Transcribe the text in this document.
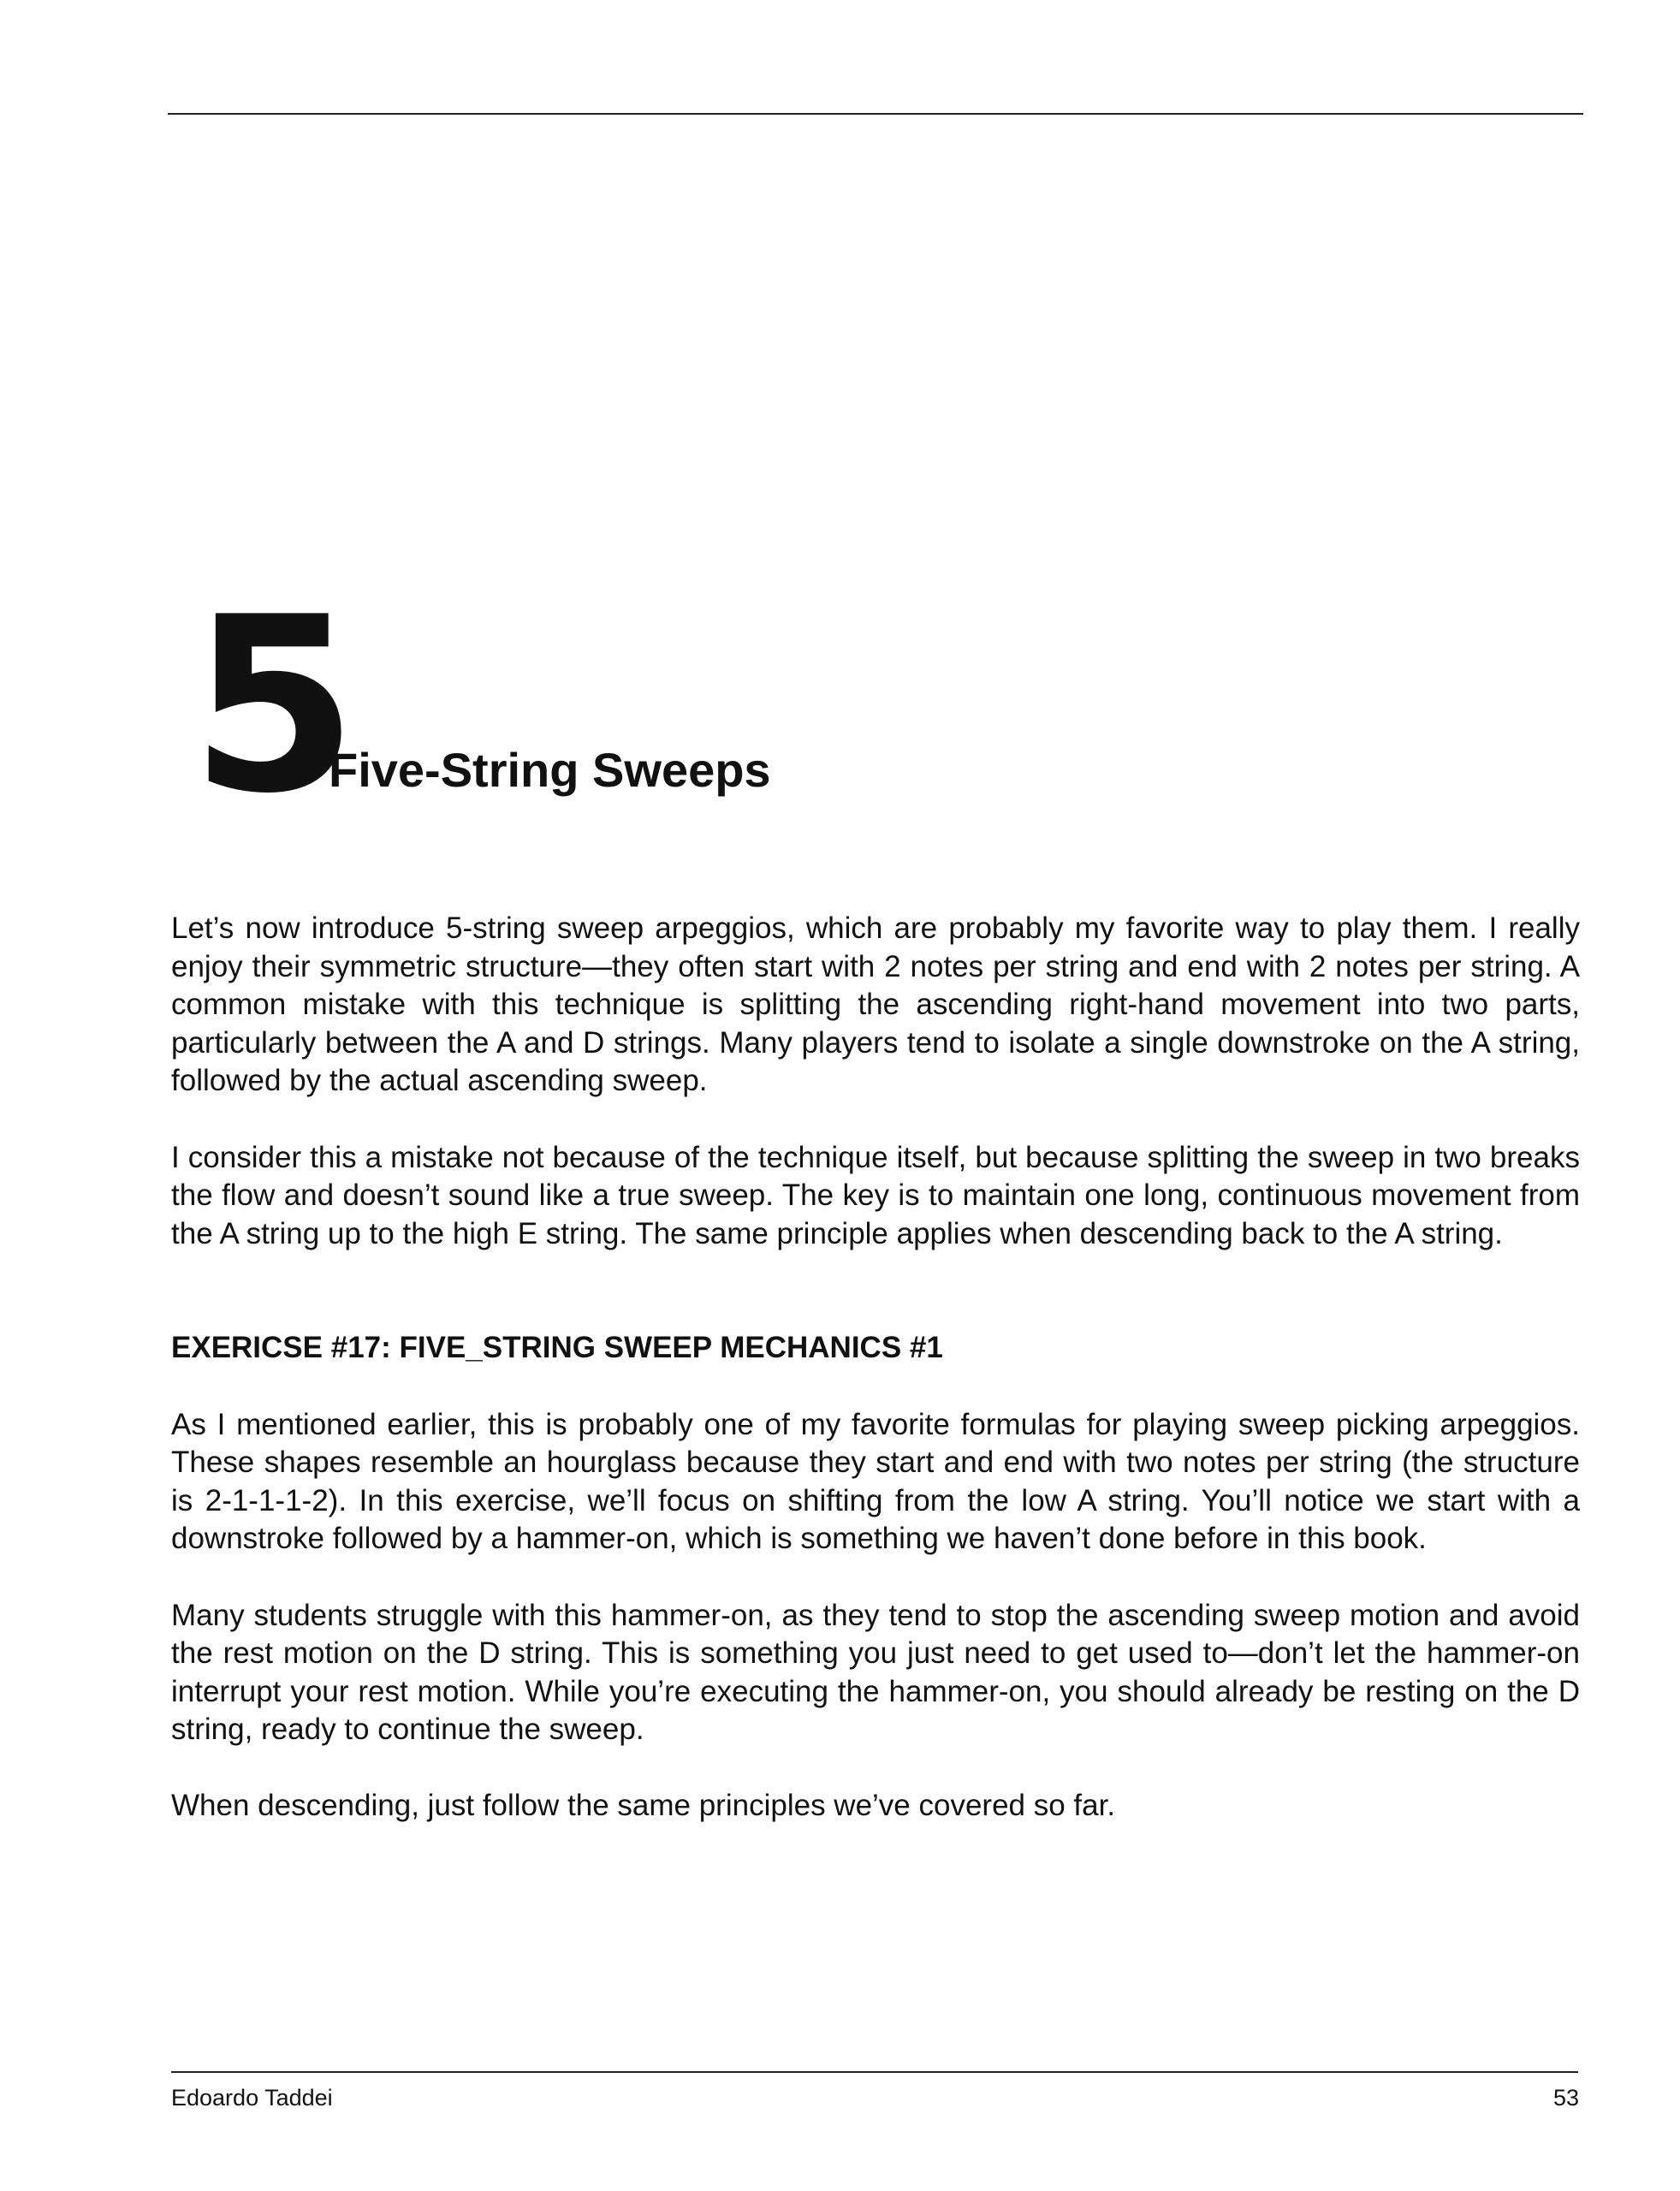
5
Five-String Sweeps

Let’s now introduce 5-string sweep arpeggios, which are probably my favorite way to play them. I really enjoy their symmetric structure—they often start with 2 notes per string and end with 2 notes per string. A common mistake with this technique is splitting the ascending right-hand movement into two parts, particularly between the A and D strings. Many players tend to isolate a single downstroke on the A string, followed by the actual ascending sweep.

I consider this a mistake not because of the technique itself, but because splitting the sweep in two breaks the flow and doesn’t sound like a true sweep. The key is to maintain one long, continuous movement from the A string up to the high E string. The same principle applies when descending back to the A string.

EXERICSE #17: FIVE_STRING SWEEP MECHANICS #1

As I mentioned earlier, this is probably one of my favorite formulas for playing sweep picking arpeggios. These shapes resemble an hourglass because they start and end with two notes per string (the structure is 2-1-1-1-2). In this exercise, we’ll focus on shifting from the low A string. You’ll notice we start with a downstroke followed by a hammer-on, which is something we haven’t done before in this book.

Many students struggle with this hammer-on, as they tend to stop the ascending sweep motion and avoid the rest motion on the D string. This is something you just need to get used to—don’t let the hammer-on interrupt your rest motion. While you’re executing the hammer-on, you should already be resting on the D string, ready to continue the sweep.

When descending, just follow the same principles we’ve covered so far.

Edoardo Taddei	53
